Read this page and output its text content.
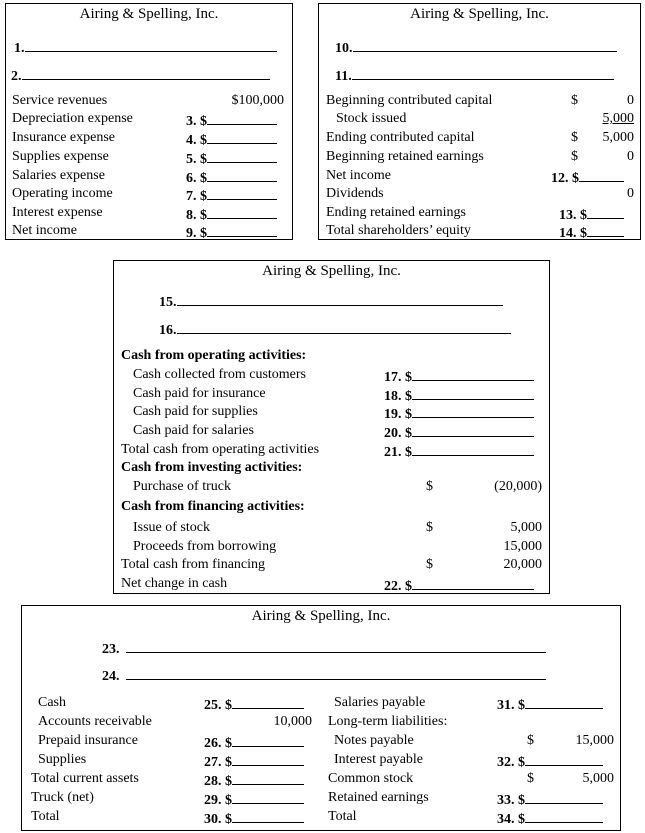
Airing & Spelling, Inc.
1.
2.
Service revenues	$100,000
Depreciation expense	3. $
Insurance expense	4. $
Supplies expense	5. $
Salaries expense	6. $
Operating income	7. $
Interest expense	8. $
Net income	9. $
Airing & Spelling, Inc.
10.
11.
Beginning contributed capital	$	0
Stock issued	5,000
Ending contributed capital	$	5,000
Beginning retained earnings	$	0
Net income	12. $
Dividends	0
Ending retained earnings	13. $
Total shareholders’ equity	14. $
Airing & Spelling, Inc.
15.
16.
Cash from operating activities:
Cash collected from customers	17. $
Cash paid for insurance	18. $
Cash paid for supplies	19. $
Cash paid for salaries	20. $
Total cash from operating activities	21. $
Cash from investing activities:
Purchase of truck	$	(20,000)
Cash from financing activities:
Issue of stock	$	5,000
Proceeds from borrowing	15,000
Total cash from financing	$	20,000
Net change in cash	22. $
Airing & Spelling, Inc.
23.
24.
Cash	25. $
Accounts receivable	10,000
Prepaid insurance	26. $
Supplies	27. $
Total current assets	28. $
Truck (net)	29. $
Total	30. $
Salaries payable	31. $
Long-term liabilities:
Notes payable	$	15,000
Interest payable	32. $
Common stock	$	5,000
Retained earnings	33. $
Total	34. $
